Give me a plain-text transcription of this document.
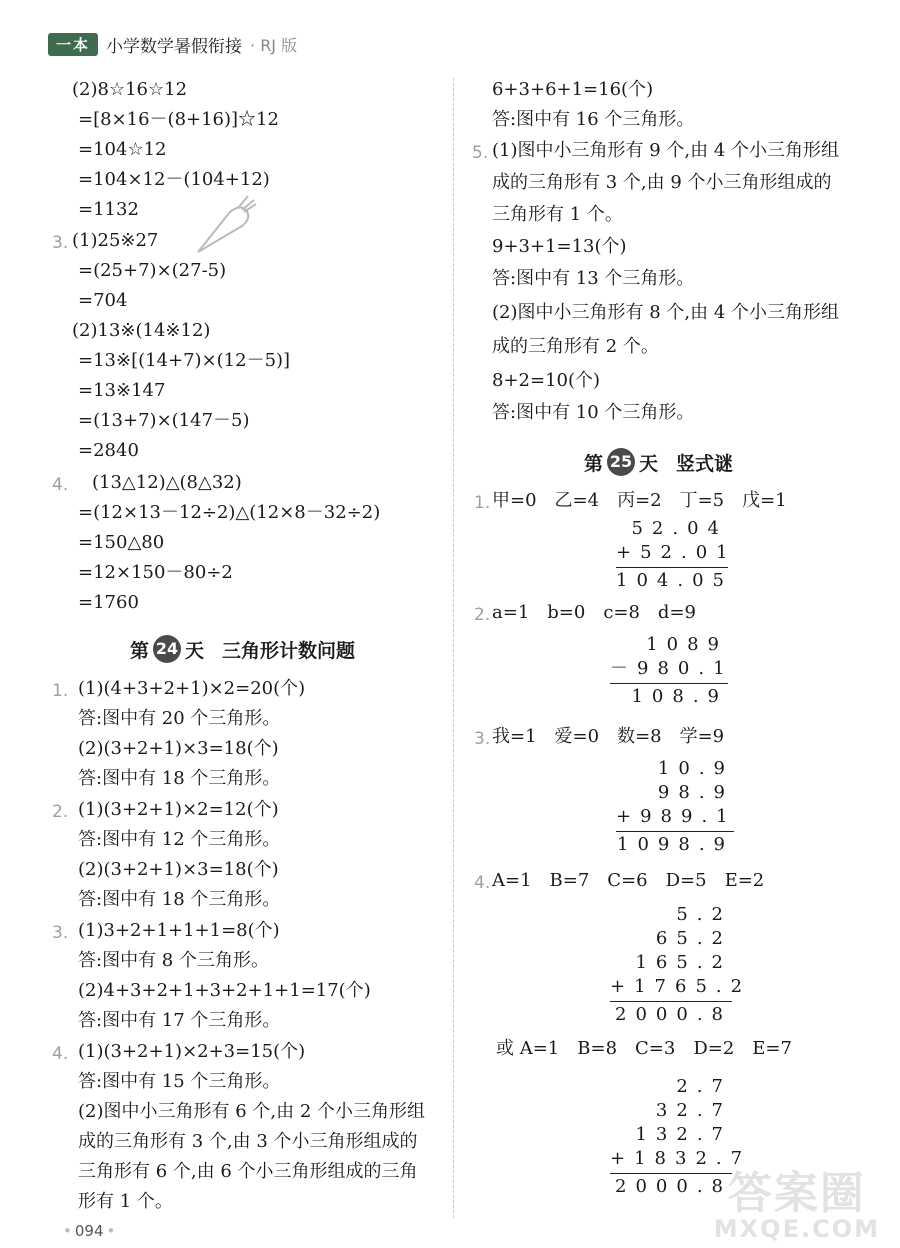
一本 小学数学暑假衔接 · RJ 版
(2)8☆16☆12
=[8×16－(8+16)]☆12
=104☆12
=104×12－(104+12)
=1132
3. (1)25※27
=(25+7)×(27-5)
=704
(2)13※(14※12)
=13※[(14+7)×(12－5)]
=13※147
=(13+7)×(147－5)
=2840
4. (13△12)△(8△32)
=(12×13－12÷2)△(12×8－32÷2)
=150△80
=12×150－80÷2
=1760
第 24 天 三角形计数问题
1. (1)(4+3+2+1)×2=20(个)
答:图中有 20 个三角形。
(2)(3+2+1)×3=18(个)
答:图中有 18 个三角形。
2. (1)(3+2+1)×2=12(个)
答:图中有 12 个三角形。
(2)(3+2+1)×3=18(个)
答:图中有 18 个三角形。
3. (1)3+2+1+1+1=8(个)
答:图中有 8 个三角形。
(2)4+3+2+1+3+2+1+1=17(个)
答:图中有 17 个三角形。
4. (1)(3+2+1)×2+3=15(个)
答:图中有 15 个三角形。
(2)图中小三角形有 6 个,由 2 个小三角形组
成的三角形有 3 个,由 3 个小三角形组成的
三角形有 6 个,由 6 个小三角形组成的三角
形有 1 个。
6+3+6+1=16(个)
答:图中有 16 个三角形。
5. (1)图中小三角形有 9 个,由 4 个小三角形组
成的三角形有 3 个,由 9 个小三角形组成的
三角形有 1 个。
9+3+1=13(个)
答:图中有 13 个三角形。
(2)图中小三角形有 8 个,由 4 个小三角形组
成的三角形有 2 个。
8+2=10(个)
答:图中有 10 个三角形。
第 25 天 竖式谜
1. 甲=0　乙=4　丙=2　丁=5　戊=1
52.04
+52.01
104.05
2. a=1　b=0　c=8　d=9
1089
－980.1
108.9
3. 我=1　爱=0　数=8　学=9
10.9
98.9
+989.1
1098.9
4. A=1　B=7　C=6　D=5　E=2
5.2
65.2
165.2
+1765.2
2000.8
或 A=1　B=8　C=3　D=2　E=7
2.7
32.7
132.7
+1832.7
2000.8
• 094 •
答案圈
MXQE.COM
